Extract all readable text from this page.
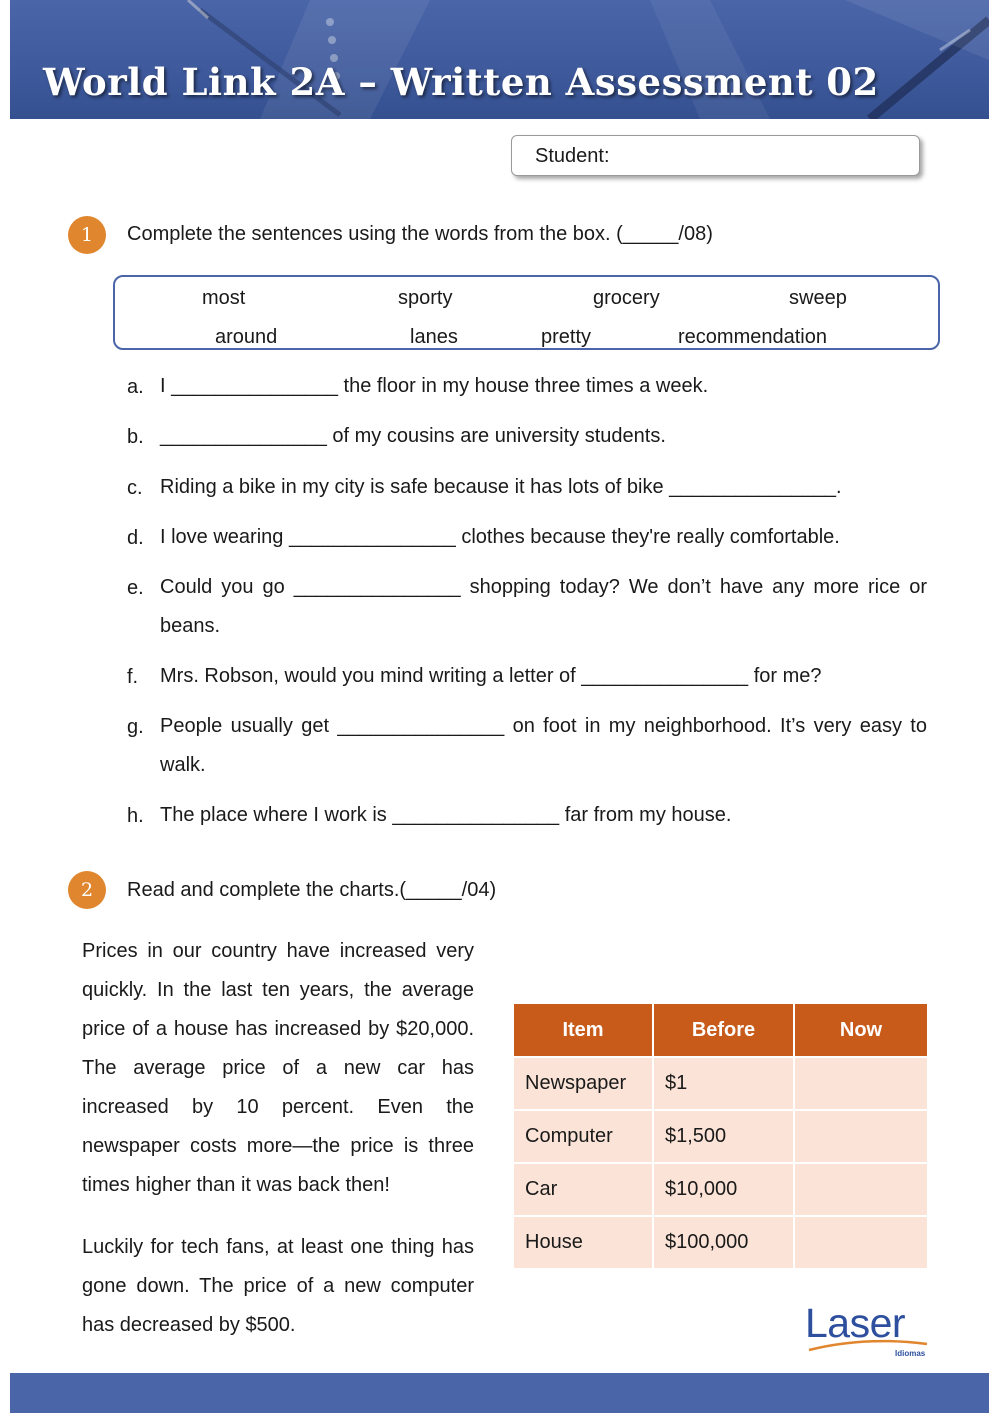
World Link 2A – Written Assessment 02
Student:
1 Complete the sentences using the words from the box. (_____/08)
most	sporty	grocery	sweep
around	lanes	pretty	recommendation
a. I _______________ the floor in my house three times a week.
b. _______________ of my cousins are university students.
c. Riding a bike in my city is safe because it has lots of bike _______________.
d. I love wearing _______________ clothes because they're really comfortable.
e. Could you go _______________ shopping today? We don’t have any more rice or beans.
f. Mrs. Robson, would you mind writing a letter of _______________ for me?
g. People usually get _______________ on foot in my neighborhood. It’s very easy to walk.
h. The place where I work is _______________ far from my house.
2 Read and complete the charts.(_____/04)
Prices in our country have increased very quickly. In the last ten years, the average price of a house has increased by $20,000. The average price of a new car has increased by 10 percent. Even the newspaper costs more—the price is three times higher than it was back then!
Luckily for tech fans, at least one thing has gone down. The price of a new computer has decreased by $500.
Item	Before	Now
Newspaper	$1	
Computer	$1,500	
Car	$10,000	
House	$100,000	
Laser
Idiomas
